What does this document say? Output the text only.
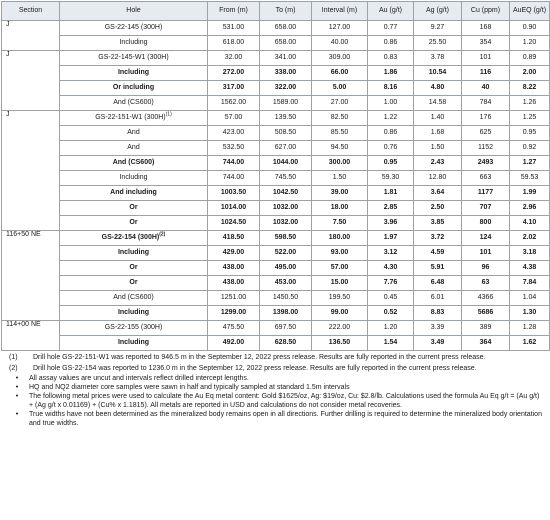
Section	Hole	From (m)	To (m)	Interval (m)	Au (g/t)	Ag (g/t)	Cu (ppm)	AuEQ (g/t)
J	GS-22-145 (300H)	531.00	658.00	127.00	0.77	9.27	168	0.90
	Including	618.00	658.00	40.00	0.86	25.50	354	1.20
J	GS-22-145-W1 (300H)	32.00	341.00	309.00	0.83	3.78	101	0.89
	Including	272.00	338.00	66.00	1.86	10.54	116	2.00
	Or including	317.00	322.00	5.00	8.16	4.80	40	8.22
	And (CS600)	1562.00	1589.00	27.00	1.00	14.58	784	1.26
J	GS-22-151-W1 $(300H)^{(1)}$	57.00	139.50	82.50	1.22	1.40	176	1.25
	And	423.00	508.50	85.50	0.86	1.68	625	0.95
	And	532.50	627.00	94.50	0.76	1.50	1152	0.92
	And (CS600)	744.00	1044.00	300.00	0.95	2.43	2493	1.27
	Including	744.00	745.50	1.50	59.30	12.80	663	59.53
	And including	1003.50	1042.50	39.00	1.81	3.64	1177	1.99
	Or	1014.00	1032.00	18.00	2.85	2.50	707	2.96
	Or	1024.50	1032.00	7.50	3.96	3.85	800	4.10
116+50 NE	GS-22-154 $(300H)^{(2)}$	418.50	598.50	180.00	1.97	3.72	124	2.02
	Including	429.00	522.00	93.00	3.12	4.59	101	3.18
	Or	438.00	495.00	57.00	4.30	5.91	96	4.38
	Or	438.00	453.00	15.00	7.76	6.48	63	7.84
	And (CS600)	1251.00	1450.50	199.50	0.45	6.01	4366	1.04
	Including	1299.00	1398.00	99.00	0.52	8.83	5686	1.30
114+00 NE	GS-22-155 (300H)	475.50	697.50	222.00	1.20	3.39	389	1.28
	Including	492.00	628.50	136.50	1.54	3.49	364	1.62
(1)	Drill hole GS-22-151-W1 was reported to 946.5 m in the September 12, 2022 press release. Results are fully reported in the current press release.
(2)	Drill hole GS-22-154 was reported to 1236.0 m in the September 12, 2022 press release. Results are fully reported in the current press release.
•	All assay values are uncut and intervals reflect drilled intercept lengths.
•	HQ and NQ2 diameter core samples were sawn in half and typically sampled at standard 1.5m intervals
•	The following metal prices were used to calculate the Au Eq metal content: Gold $1625/oz, Ag: $19/oz, Cu: $2.8/lb. Calculations used the formula Au Eq g/t = (Au g/t) + (Ag g/t x 0.01169) + (Cu% x 1.1815). All metals are reported in USD and calculations do not consider metal recoveries.
•	True widths have not been determined as the mineralized body remains open in all directions. Further drilling is required to determine the mineralized body orientation and true widths.
